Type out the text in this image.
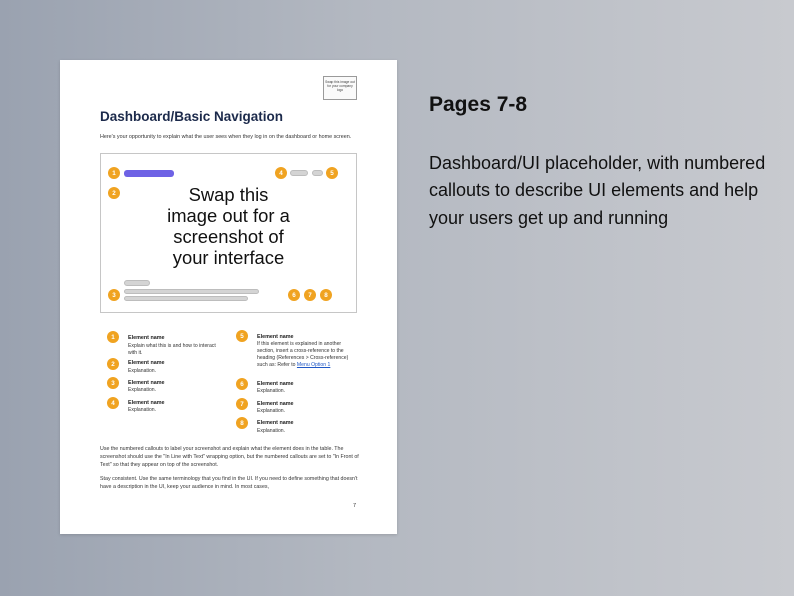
Swap this image out for your company logo
Dashboard/Basic Navigation

Here's your opportunity to explain what the user sees when they log in on the dashboard or home screen.

1
2
4	5

Swap this
image out for a
screenshot of
your interface

3	6	7	8
1	Element name
Explain what this is and how to interact with it.
2	Element name
Explanation.
3	Element name
Explanation.
4	Element name
Explanation.
5	Element name
If this element is explained in another section, insert a cross-reference to the heading (References > Cross-reference) such as: Refer to Menu Option 1
6	Element name
Explanation.
7	Element name
Explanation.
8	Element name
Explanation.

Use the numbered callouts to label your screenshot and explain what the element does in the table. The screenshot should use the "In Line with Text" wrapping option, but the numbered callouts are set to "In Front of Text" so that they appear on top of the screenshot.

Stay consistent. Use the same terminology that you find in the UI. If you need to define something that doesn't have a description in the UI, keep your audience in mind. In most cases,

7
Pages 7-8

Dashboard/UI placeholder, with numbered callouts to describe UI elements and help your users get up and running
